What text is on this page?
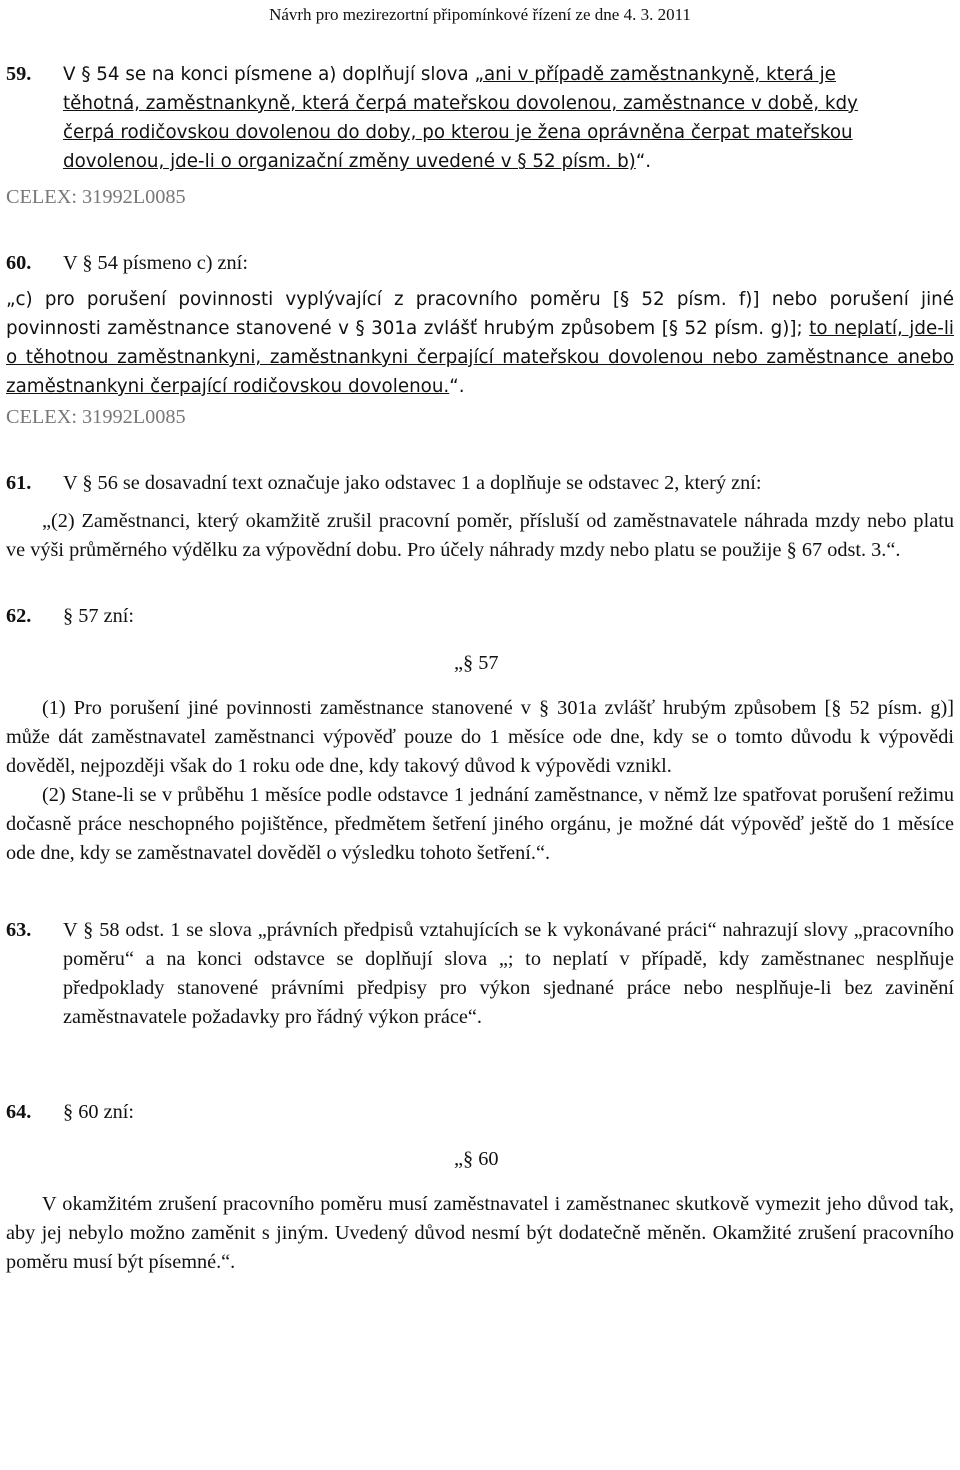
Návrh pro mezirezortní připomínkové řízení ze dne 4. 3. 2011
59. V § 54 se na konci písmene a) doplňují slova „ani v případě zaměstnankyně, která je
těhotná, zaměstnankyně, která čerpá mateřskou dovolenou, zaměstnance v době, kdy
čerpá rodičovskou dovolenou do doby, po kterou je žena oprávněna čerpat mateřskou
dovolenou, jde-li o organizační změny uvedené v § 52 písm. b)“.
CELEX: 31992L0085
60. V § 54 písmeno c) zní:

„c) pro porušení povinnosti vyplývající z pracovního poměru [§ 52 písm. f)] nebo porušení jiné povinnosti zaměstnance stanovené v § 301a zvlášť hrubým způsobem [§ 52 písm. g)]; to neplatí, jde-li o těhotnou zaměstnankyni, zaměstnankyni čerpající mateřskou dovolenou nebo zaměstnance anebo zaměstnankyni čerpající rodičovskou dovolenou.“.

CELEX: 31992L0085
61. V § 56 se dosavadní text označuje jako odstavec 1 a doplňuje se odstavec 2, který zní:

„(2) Zaměstnanci, který okamžitě zrušil pracovní poměr, přísluší od zaměstnavatele náhrada mzdy nebo platu ve výši průměrného výdělku za výpovědní dobu. Pro účely náhrady mzdy nebo platu se použije § 67 odst. 3.“.

62. § 57 zní:

„§ 57

(1) Pro porušení jiné povinnosti zaměstnance stanovené v § 301a zvlášť hrubým způsobem [§ 52 písm. g)] může dát zaměstnavatel zaměstnanci výpověď pouze do 1 měsíce ode dne, kdy se o tomto důvodu k výpovědi dověděl, nejpozději však do 1 roku ode dne, kdy takový důvod k výpovědi vznikl.

(2) Stane-li se v průběhu 1 měsíce podle odstavce 1 jednání zaměstnance, v němž lze spatřovat porušení režimu dočasně práce neschopného pojištěnce, předmětem šetření jiného orgánu, je možné dát výpověď ještě do 1 měsíce ode dne, kdy se zaměstnavatel dověděl o výsledku tohoto šetření.“.

63. V § 58 odst. 1 se slova „právních předpisů vztahujících se k vykonávané práci“ nahrazují slovy „pracovního poměru“ a na konci odstavce se doplňují slova „; to neplatí v případě, kdy zaměstnanec nesplňuje předpoklady stanovené právními předpisy pro výkon sjednané práce nebo nesplňuje-li bez zavinění zaměstnavatele požadavky pro řádný výkon práce“.
64. § 60 zní:

„§ 60

V okamžitém zrušení pracovního poměru musí zaměstnavatel i zaměstnanec skutkově vymezit jeho důvod tak, aby jej nebylo možno zaměnit s jiným. Uvedený důvod nesmí být dodatečně měněn. Okamžité zrušení pracovního poměru musí být písemné.“.
